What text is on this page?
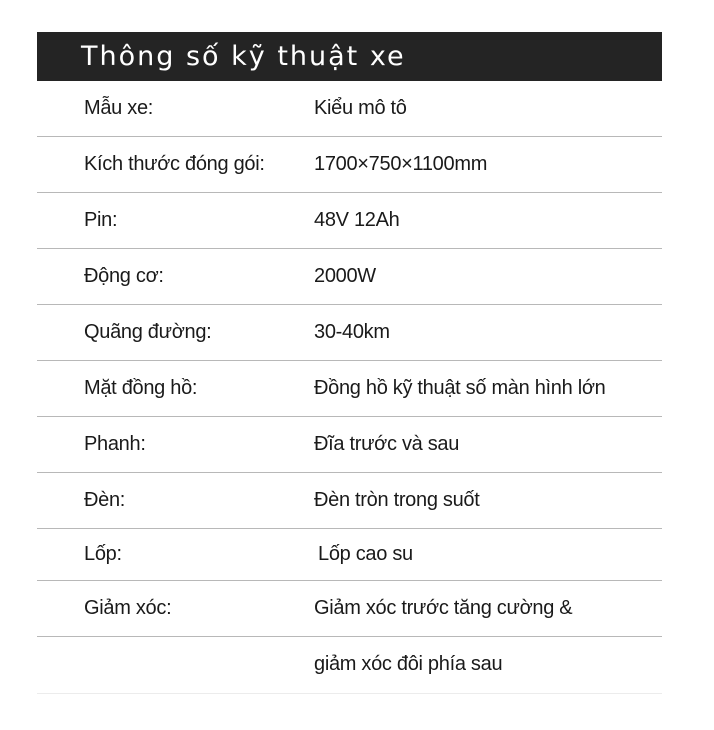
Thông số kỹ thuật xe
Mẫu xe:	Kiểu mô tô
Kích thước đóng gói: 1700×750×1100mm
Pin:	48V 12Ah
Động cơ:	2000W
Quãng đường:	30-40km
Mặt đồng hồ:	Đồng hồ kỹ thuật số màn hình lớn
Phanh:	Đĩa trước và sau
Đèn:	Đèn tròn trong suốt
Lốp:	Lốp cao su
Giảm xóc:	Giảm xóc trước tăng cường &
giảm xóc đôi phía sau
